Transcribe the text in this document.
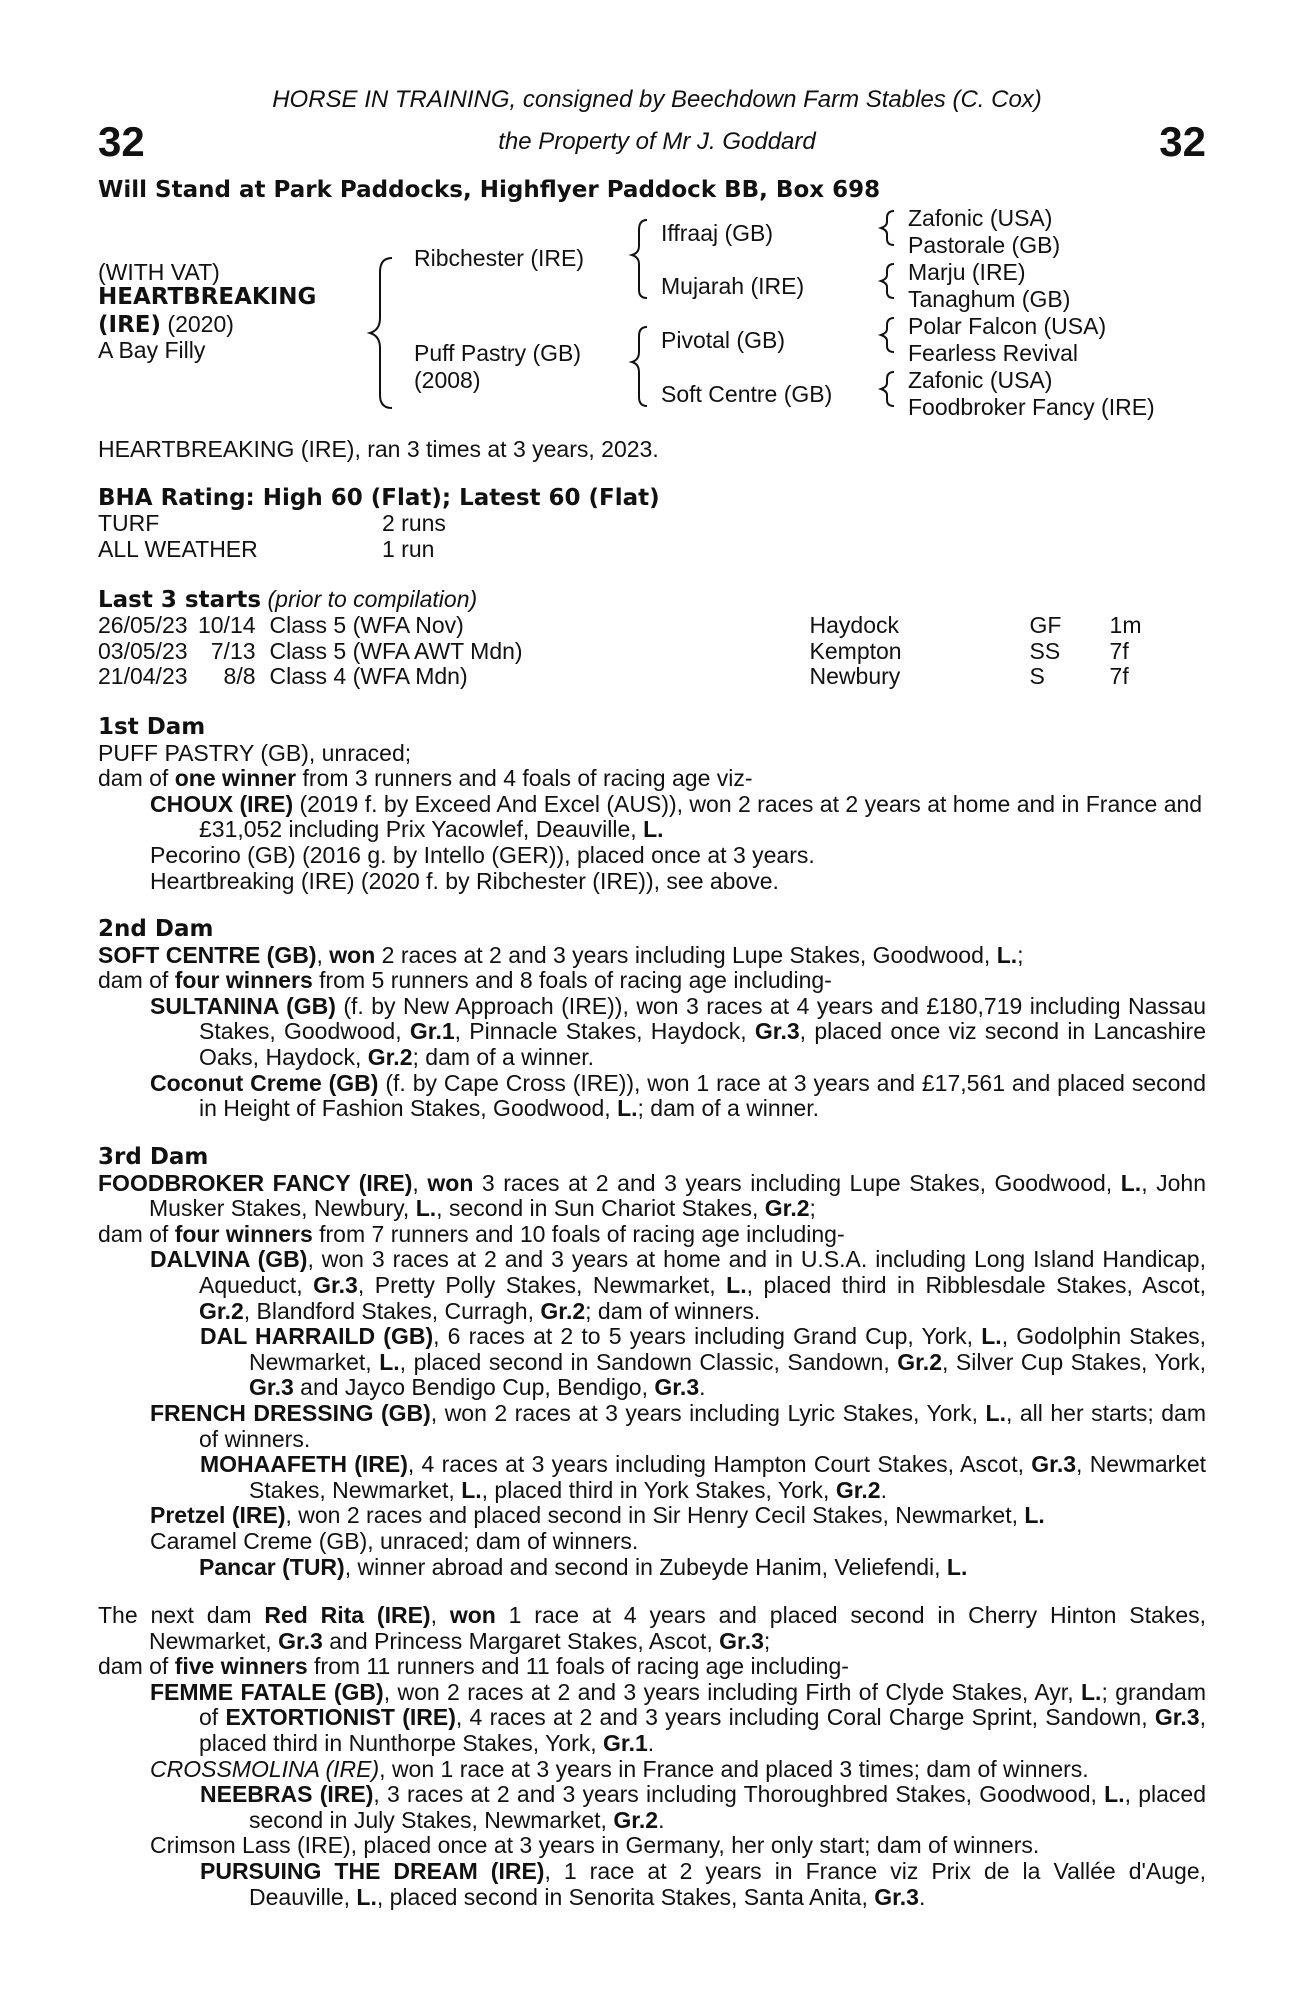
32	32
HORSE IN TRAINING, consigned by Beechdown Farm Stables (C. Cox)
the Property of Mr J. Goddard
Will Stand at Park Paddocks, Highflyer Paddock BB, Box 698
(WITH VAT)
HEARTBREAKING
(IRE) (2020)
A Bay Filly
Ribchester (IRE)
Puff Pastry (GB)
(2008)
Iffraaj (GB)
Mujarah (IRE)
Pivotal (GB)
Soft Centre (GB)
Zafonic (USA)
Pastorale (GB)
Marju (IRE)
Tanaghum (GB)
Polar Falcon (USA)
Fearless Revival
Zafonic (USA)
Foodbroker Fancy (IRE)
HEARTBREAKING (IRE), ran 3 times at 3 years, 2023.
BHA Rating: High 60 (Flat); Latest 60 (Flat)
TURF	2 runs
ALL WEATHER	1 run
Last 3 starts (prior to compilation)
26/05/23	10/14	Class 5 (WFA Nov)	Haydock	GF	1m
03/05/23	7/13	Class 5 (WFA AWT Mdn)	Kempton	SS	7f
21/04/23	8/8	Class 4 (WFA Mdn)	Newbury	S	7f

1st Dam

PUFF PASTRY (GB), unraced;

dam of one winner from 3 runners and 4 foals of racing age viz-

CHOUX (IRE) (2019 f. by Exceed And Excel (AUS)), won 2 races at 2 years at home and in France and £31,052 including Prix Yacowlef, Deauville, L.

Pecorino (GB) (2016 g. by Intello (GER)), placed once at 3 years.

Heartbreaking (IRE) (2020 f. by Ribchester (IRE)), see above.

2nd Dam

SOFT CENTRE (GB), won 2 races at 2 and 3 years including Lupe Stakes, Goodwood, L.;

dam of four winners from 5 runners and 8 foals of racing age including-

SULTANINA (GB) (f. by New Approach (IRE)), won 3 races at 4 years and £180,719 including Nassau Stakes, Goodwood, Gr.1, Pinnacle Stakes, Haydock, Gr.3, placed once viz second in Lancashire Oaks, Haydock, Gr.2; dam of a winner.

Coconut Creme (GB) (f. by Cape Cross (IRE)), won 1 race at 3 years and £17,561 and placed second in Height of Fashion Stakes, Goodwood, L.; dam of a winner.

3rd Dam

FOODBROKER FANCY (IRE), won 3 races at 2 and 3 years including Lupe Stakes, Goodwood, L., John Musker Stakes, Newbury, L., second in Sun Chariot Stakes, Gr.2;

dam of four winners from 7 runners and 10 foals of racing age including-

DALVINA (GB), won 3 races at 2 and 3 years at home and in U.S.A. including Long Island Handicap, Aqueduct, Gr.3, Pretty Polly Stakes, Newmarket, L., placed third in Ribblesdale Stakes, Ascot, Gr.2, Blandford Stakes, Curragh, Gr.2; dam of winners.

DAL HARRAILD (GB), 6 races at 2 to 5 years including Grand Cup, York, L., Godolphin Stakes, Newmarket, L., placed second in Sandown Classic, Sandown, Gr.2, Silver Cup Stakes, York, Gr.3 and Jayco Bendigo Cup, Bendigo, Gr.3.

FRENCH DRESSING (GB), won 2 races at 3 years including Lyric Stakes, York, L., all her starts; dam of winners.

MOHAAFETH (IRE), 4 races at 3 years including Hampton Court Stakes, Ascot, Gr.3, Newmarket Stakes, Newmarket, L., placed third in York Stakes, York, Gr.2.

Pretzel (IRE), won 2 races and placed second in Sir Henry Cecil Stakes, Newmarket, L.

Caramel Creme (GB), unraced; dam of winners.

Pancar (TUR), winner abroad and second in Zubeyde Hanim, Veliefendi, L.

The next dam Red Rita (IRE), won 1 race at 4 years and placed second in Cherry Hinton Stakes, Newmarket, Gr.3 and Princess Margaret Stakes, Ascot, Gr.3;

dam of five winners from 11 runners and 11 foals of racing age including-

FEMME FATALE (GB), won 2 races at 2 and 3 years including Firth of Clyde Stakes, Ayr, L.; grandam of EXTORTIONIST (IRE), 4 races at 2 and 3 years including Coral Charge Sprint, Sandown, Gr.3, placed third in Nunthorpe Stakes, York, Gr.1.

CROSSMOLINA (IRE), won 1 race at 3 years in France and placed 3 times; dam of winners.

NEEBRAS (IRE), 3 races at 2 and 3 years including Thoroughbred Stakes, Goodwood, L., placed second in July Stakes, Newmarket, Gr.2.

Crimson Lass (IRE), placed once at 3 years in Germany, her only start; dam of winners.

PURSUING THE DREAM (IRE), 1 race at 2 years in France viz Prix de la Vallée d'Auge, Deauville, L., placed second in Senorita Stakes, Santa Anita, Gr.3.
